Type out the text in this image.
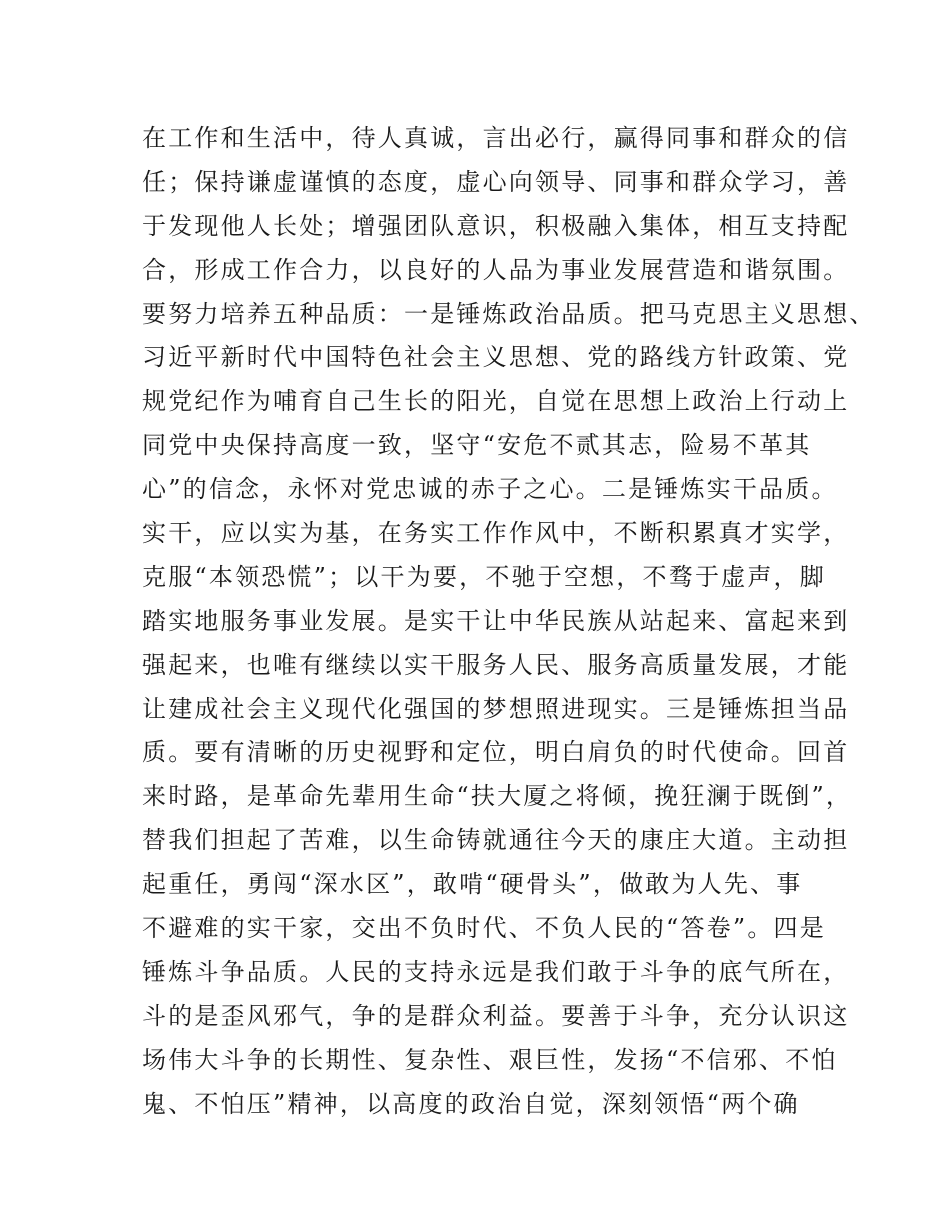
在工作和生活中，待人真诚，言出必行，赢得同事和群众的信
任；保持谦虚谨慎的态度，虚心向领导、同事和群众学习，善
于发现他人长处；增强团队意识，积极融入集体，相互支持配
合，形成工作合力，以良好的人品为事业发展营造和谐氛围。
要努力培养五种品质：一是锤炼政治品质。把马克思主义思想、
习近平新时代中国特色社会主义思想、党的路线方针政策、党
规党纪作为哺育自己生长的阳光，自觉在思想上政治上行动上
同党中央保持高度一致，坚守“安危不贰其志，险易不革其
心”的信念，永怀对党忠诚的赤子之心。二是锤炼实干品质。
实干，应以实为基，在务实工作作风中，不断积累真才实学，
克服“本领恐慌”；以干为要，不驰于空想，不骛于虚声，脚
踏实地服务事业发展。是实干让中华民族从站起来、富起来到
强起来，也唯有继续以实干服务人民、服务高质量发展，才能
让建成社会主义现代化强国的梦想照进现实。三是锤炼担当品
质。要有清晰的历史视野和定位，明白肩负的时代使命。回首
来时路，是革命先辈用生命“扶大厦之将倾，挽狂澜于既倒”，
替我们担起了苦难，以生命铸就通往今天的康庄大道。主动担
起重任，勇闯“深水区”，敢啃“硬骨头”，做敢为人先、事
不避难的实干家，交出不负时代、不负人民的“答卷”。四是
锤炼斗争品质。人民的支持永远是我们敢于斗争的底气所在，
斗的是歪风邪气，争的是群众利益。要善于斗争，充分认识这
场伟大斗争的长期性、复杂性、艰巨性，发扬“不信邪、不怕
鬼、不怕压”精神，以高度的政治自觉，深刻领悟“两个确
